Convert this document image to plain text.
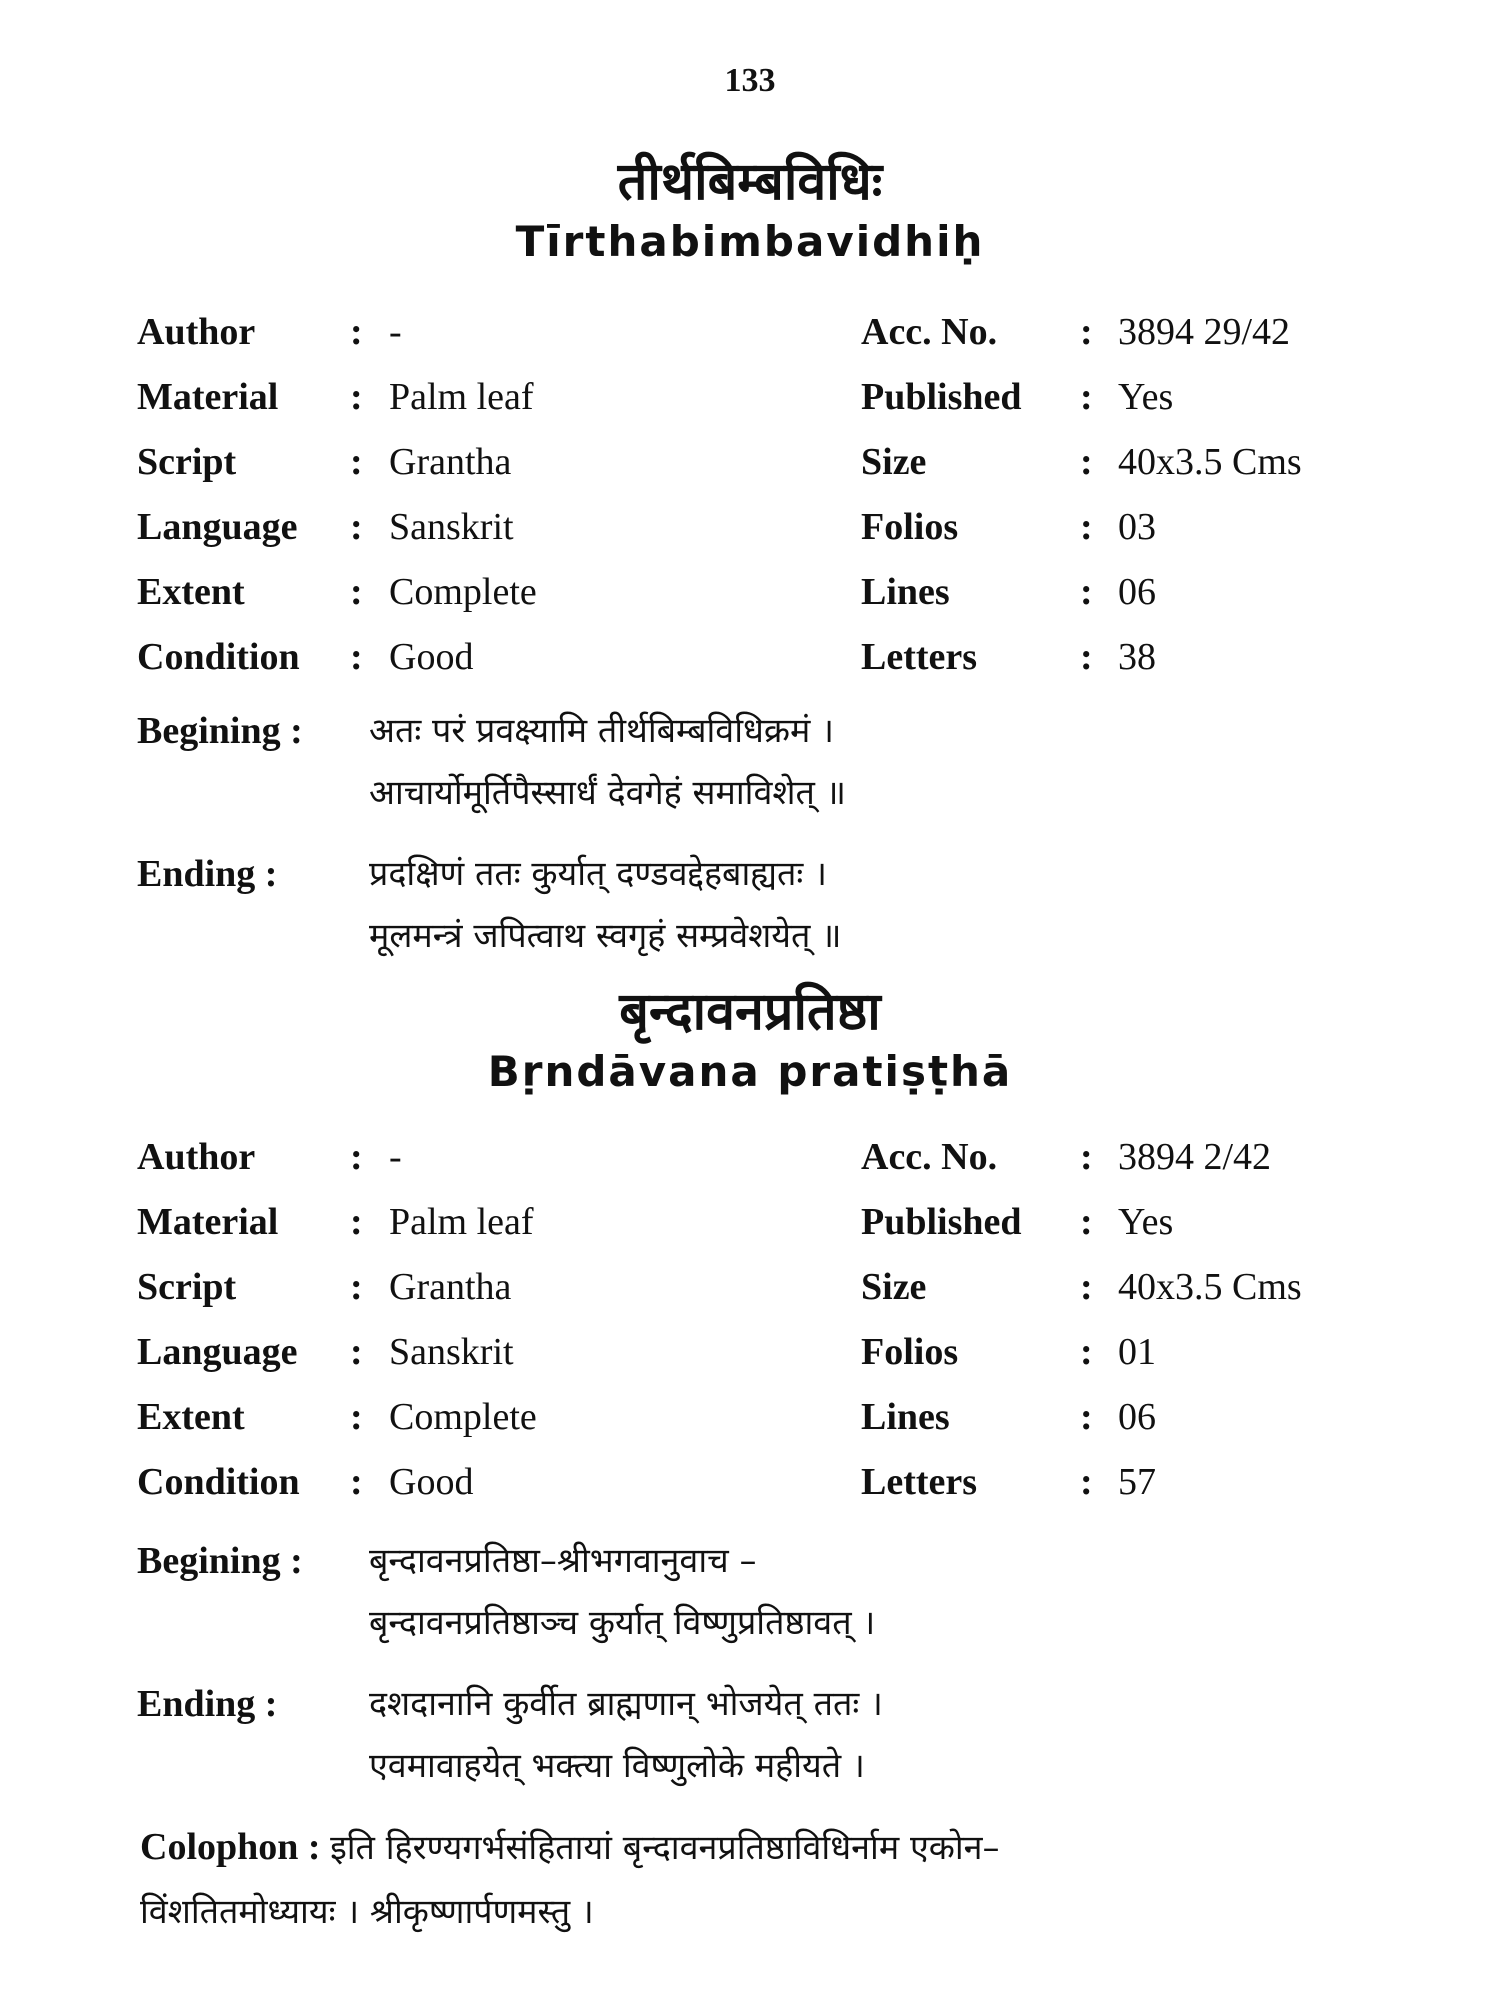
133
तीर्थबिम्बविधिः
Tīrthabimbavidhiḥ
Author : -	Acc. No. : 3894 29/42
Material : Palm leaf	Published : Yes
Script	: Grantha	Size	: 40x3.5 Cms
Language : Sanskrit	Folios	: 03
Extent	: Complete	Lines	: 06
Condition : Good	Letters	: 38
Begining : अतः परं प्रवक्ष्यामि तीर्थबिम्बविधिक्रमं ।
आचार्योमूर्तिपैस्सार्धं देवगेहं समाविशेत् ॥
Ending :	प्रदक्षिणं ततः कुर्यात् दण्डवद्देहबाह्यतः ।
मूलमन्त्रं जपित्वाथ स्वगृहं सम्प्रवेशयेत् ॥
बृन्दावनप्रतिष्ठा
Bṛndāvana pratiṣṭhā
Author : -	Acc. No. : 3894 2/42
Material : Palm leaf	Published : Yes
Script	: Grantha	Size	: 40x3.5 Cms
Language : Sanskrit	Folios	: 01
Extent	: Complete	Lines	: 06
Condition : Good	Letters	: 57
Begining : बृन्दावनप्रतिष्ठा–श्रीभगवानुवाच –
बृन्दावनप्रतिष्ठाञ्च कुर्यात् विष्णुप्रतिष्ठावत् ।
Ending :	दशदानानि कुर्वीत ब्राह्मणान् भोजयेत् ततः ।
एवमावाहयेत् भक्त्या विष्णुलोके महीयते ।
Colophon : इति हिरण्यगर्भसंहितायां बृन्दावनप्रतिष्ठाविधिर्नाम एकोन–
विंशतितमोध्यायः । श्रीकृष्णार्पणमस्तु ।
